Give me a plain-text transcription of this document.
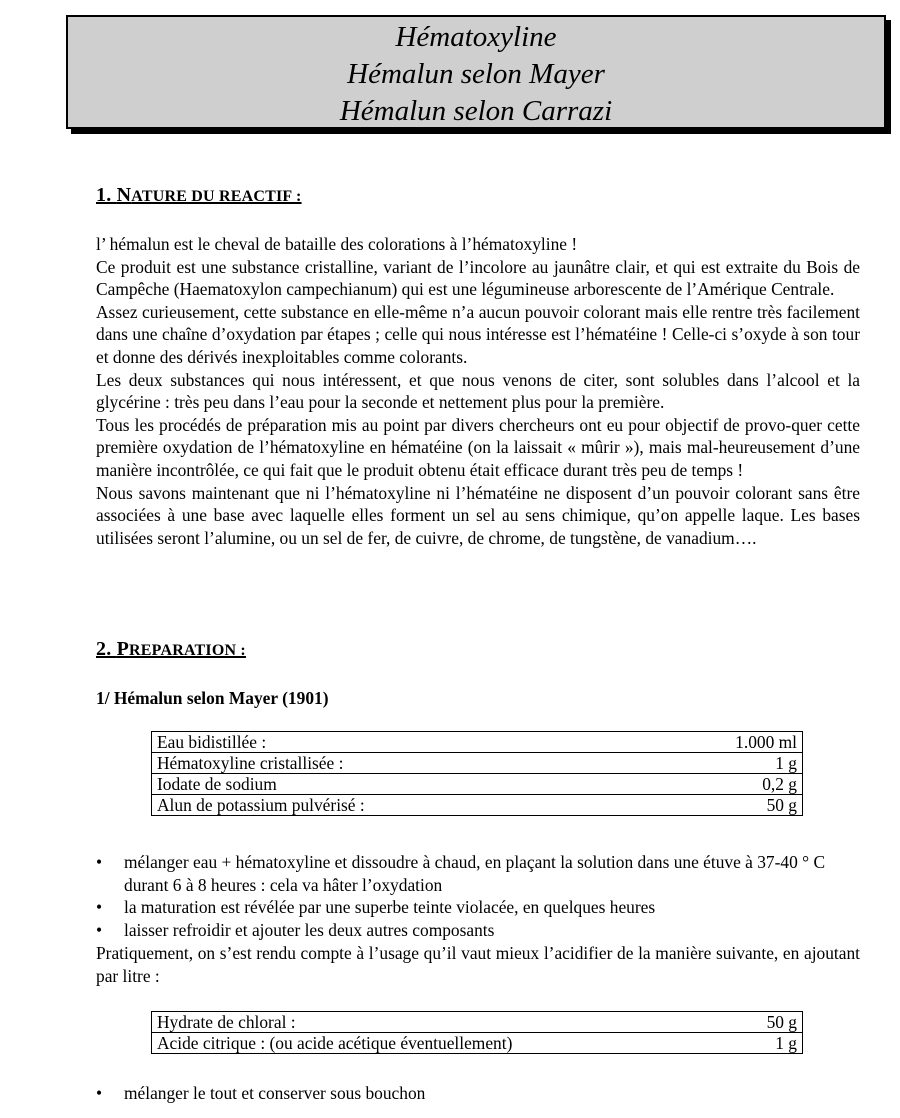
Hématoxyline
Hémalun selon Mayer
Hémalun selon Carrazi
1. NATURE DU REACTIF :

l’ hémalun est le cheval de bataille des colorations à l’hématoxyline !

Ce produit est une substance cristalline, variant de l’incolore au jaunâtre clair, et qui est extraite du Bois de Campêche (Haematoxylon campechianum) qui est une légumineuse arborescente de l’Amérique Centrale.

Assez curieusement, cette substance en elle-même n’a aucun pouvoir colorant mais elle rentre très facilement dans une chaîne d’oxydation par étapes ; celle qui nous intéresse est l’hématéine ! Celle-ci s’oxyde à son tour et donne des dérivés inexploitables comme colorants.

Les deux substances qui nous intéressent, et que nous venons de citer, sont solubles dans l’alcool et la glycérine : très peu dans l’eau pour la seconde et nettement plus pour la première.

Tous les procédés de préparation mis au point par divers chercheurs ont eu pour objectif de provo-quer cette première oxydation de l’hématoxyline en hématéine (on la laissait « mûrir »), mais mal-heureusement d’une manière incontrôlée, ce qui fait que le produit obtenu était efficace durant très peu de temps !

Nous savons maintenant que ni l’hématoxyline ni l’hématéine ne disposent d’un pouvoir colorant sans être associées à une base avec laquelle elles forment un sel au sens chimique, qu’on appelle laque. Les bases utilisées seront l’alumine, ou un sel de fer, de cuivre, de chrome, de tungstène, de vanadium….

2. PREPARATION :
1/ Hémalun selon Mayer (1901)
Eau bidistillée :	1.000 ml
Hématoxyline cristallisée :	1 g
Iodate de sodium	0,2 g
Alun de potassium pulvérisé :	50 g
• mélanger eau + hématoxyline et dissoudre à chaud, en plaçant la solution dans une étuve à 37-40 ° C durant 6 à 8 heures : cela va hâter l’oxydation
• la maturation est révélée par une superbe teinte violacée, en quelques heures
• laisser refroidir et ajouter les deux autres composants

Pratiquement, on s’est rendu compte à l’usage qu’il vaut mieux l’acidifier de la manière suivante, en ajoutant par litre :

Hydrate de chloral :	50 g
Acide citrique : (ou acide acétique éventuellement)	1 g
• mélanger le tout et conserver sous bouchon
